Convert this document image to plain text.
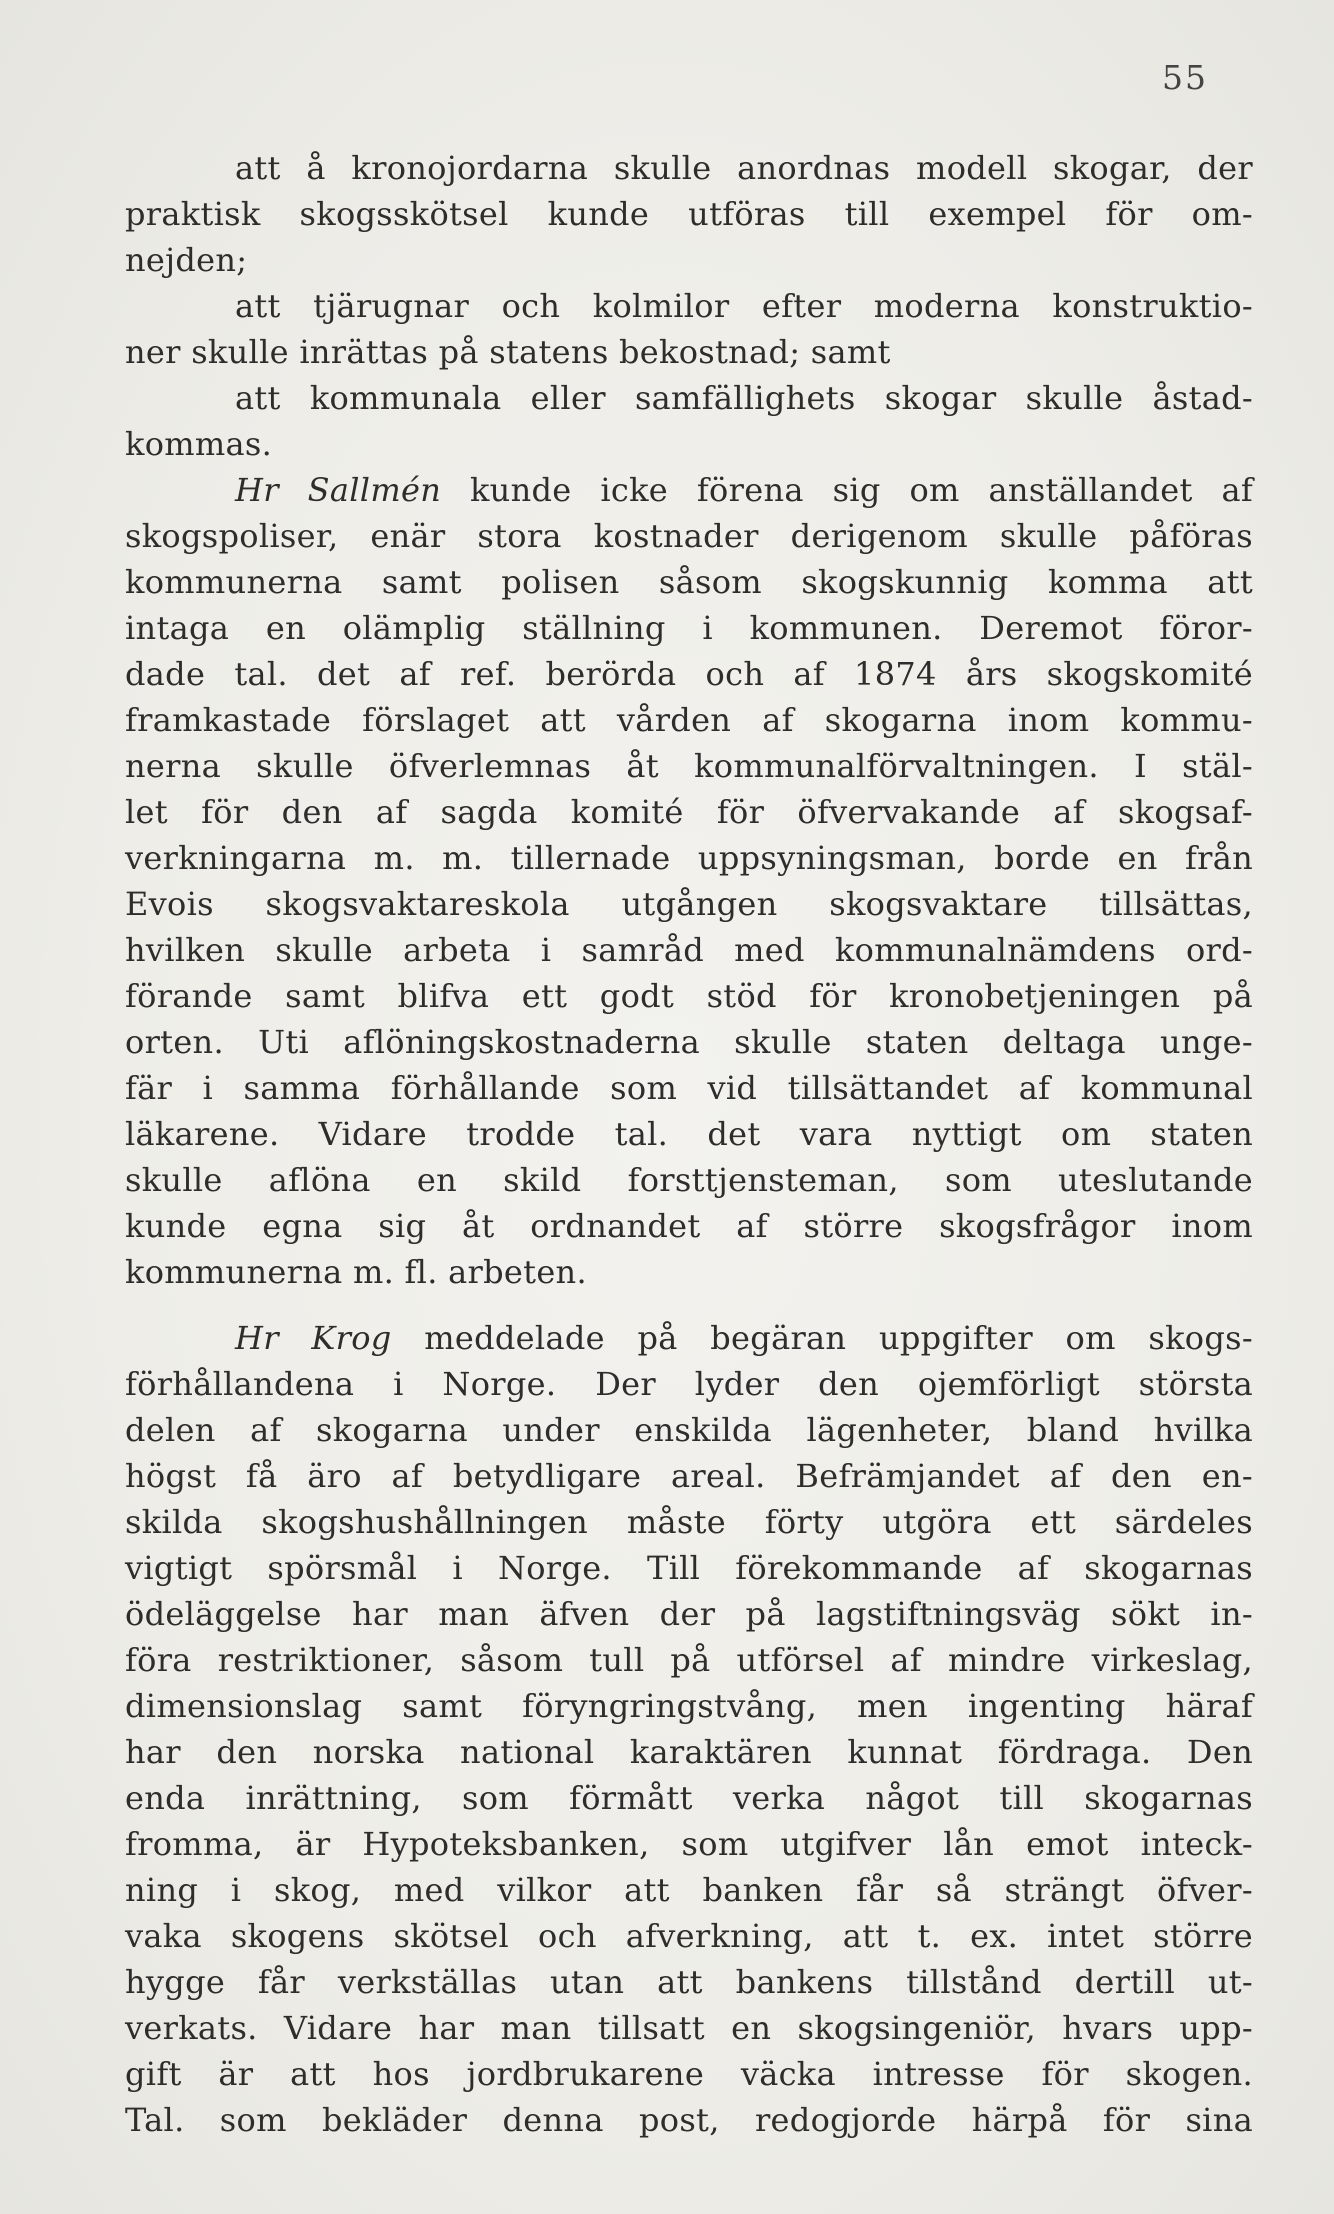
55
att å kronojordarna skulle anordnas modell skogar, der
praktisk skogsskötsel kunde utföras till exempel för om-
nejden;
att tjärugnar och kolmilor efter moderna konstruktio-
ner skulle inrättas på statens bekostnad; samt
att kommunala eller samfällighets skogar skulle åstad-
kommas.
Hr Sallmén kunde icke förena sig om anställandet af
skogspoliser, enär stora kostnader derigenom skulle påföras
kommunerna samt polisen såsom skogskunnig komma att
intaga en olämplig ställning i kommunen. Deremot föror-
dade tal. det af ref. berörda och af 1874 års skogskomité
framkastade förslaget att vården af skogarna inom kommu-
nerna skulle öfverlemnas åt kommunalförvaltningen. I stäl-
let för den af sagda komité för öfvervakande af skogsaf-
verkningarna m. m. tillernade uppsyningsman, borde en från
Evois skogsvaktareskola utgången skogsvaktare tillsättas,
hvilken skulle arbeta i samråd med kommunalnämdens ord-
förande samt blifva ett godt stöd för kronobetjeningen på
orten. Uti aflöningskostnaderna skulle staten deltaga unge-
fär i samma förhållande som vid tillsättandet af kommunal
läkarene. Vidare trodde tal. det vara nyttigt om staten
skulle aflöna en skild forsttjensteman, som uteslutande
kunde egna sig åt ordnandet af större skogsfrågor inom
kommunerna m. fl. arbeten.
Hr Krog meddelade på begäran uppgifter om skogs-
förhållandena i Norge. Der lyder den ojemförligt största
delen af skogarna under enskilda lägenheter, bland hvilka
högst få äro af betydligare areal. Befrämjandet af den en-
skilda skogshushållningen måste förty utgöra ett särdeles
vigtigt spörsmål i Norge. Till förekommande af skogarnas
ödeläggelse har man äfven der på lagstiftningsväg sökt in-
föra restriktioner, såsom tull på utförsel af mindre virkeslag,
dimensionslag samt föryngringstvång, men ingenting häraf
har den norska national karaktären kunnat fördraga. Den
enda inrättning, som förmått verka något till skogarnas
fromma, är Hypoteksbanken, som utgifver lån emot inteck-
ning i skog, med vilkor att banken får så strängt öfver-
vaka skogens skötsel och afverkning, att t. ex. intet större
hygge får verkställas utan att bankens tillstånd dertill ut-
verkats. Vidare har man tillsatt en skogsingeniör, hvars upp-
gift är att hos jordbrukarene väcka intresse för skogen.
Tal. som bekläder denna post, redogjorde härpå för sina
